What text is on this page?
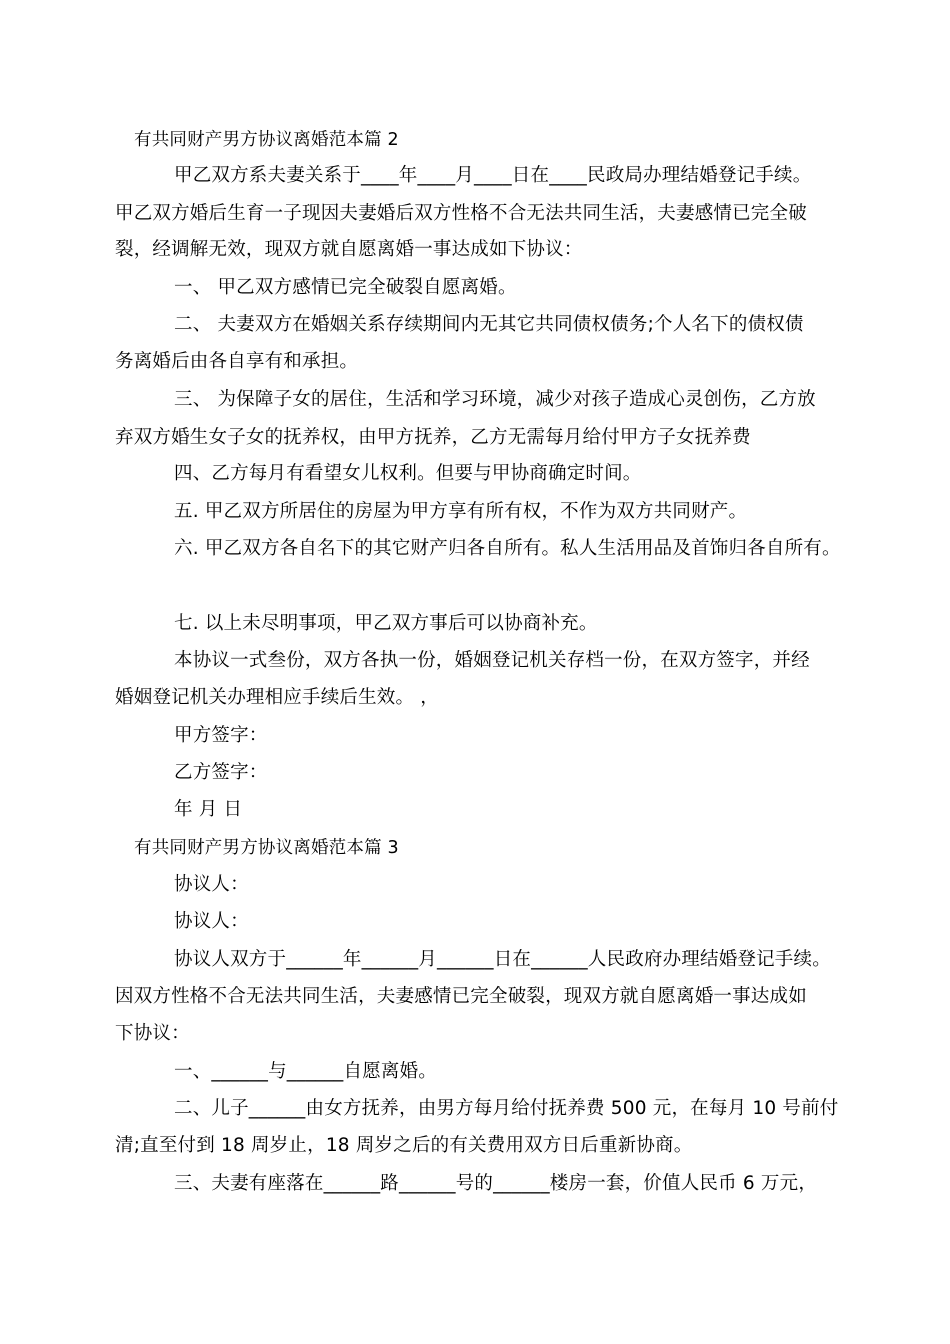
有共同财产男方协议离婚范本篇 2

甲乙双方系夫妻关系于____年____月____日在____民政局办理结婚登记手续。

甲乙双方婚后生育一子现因夫妻婚后双方性格不合无法共同生活，夫妻感情已完全破

裂，经调解无效，现双方就自愿离婚一事达成如下协议：

一、 甲乙双方感情已完全破裂自愿离婚。

二、 夫妻双方在婚姻关系存续期间内无其它共同债权债务;个人名下的债权债

务离婚后由各自享有和承担。

三、 为保障子女的居住，生活和学习环境，减少对孩子造成心灵创伤，乙方放

弃双方婚生女子女的抚养权，由甲方抚养，乙方无需每月给付甲方子女抚养费

四、乙方每月有看望女儿权利。但要与甲协商确定时间。

五. 甲乙双方所居住的房屋为甲方享有所有权，不作为双方共同财产。

六. 甲乙双方各自名下的其它财产归各自所有。私人生活用品及首饰归各自所有。

七. 以上未尽明事项，甲乙双方事后可以协商补充。

本协议一式叁份，双方各执一份，婚姻登记机关存档一份，在双方签字，并经

婚姻登记机关办理相应手续后生效。 ，

甲方签字：

乙方签字：

年 月 日

有共同财产男方协议离婚范本篇 3

协议人：

协议人：

协议人双方于______年______月______日在______人民政府办理结婚登记手续。

因双方性格不合无法共同生活，夫妻感情已完全破裂，现双方就自愿离婚一事达成如

下协议：

一、______与______自愿离婚。

二、儿子______由女方抚养，由男方每月给付抚养费 500 元，在每月 10 号前付

清;直至付到 18 周岁止，18 周岁之后的有关费用双方日后重新协商。

三、夫妻有座落在______路______号的______楼房一套，价值人民币 6 万元，
